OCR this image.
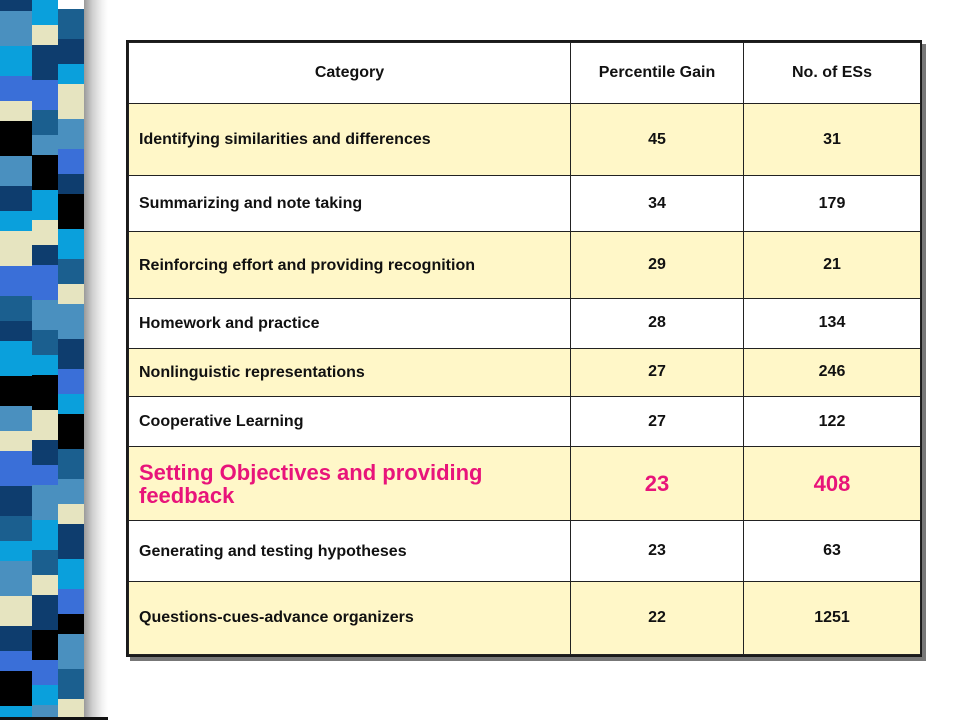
Category	Percentile Gain	No. of ESs
Identifying similarities and differences	45	31
Summarizing and note taking	34	179
Reinforcing effort and providing recognition	29	21
Homework and practice	28	134
Nonlinguistic representations	27	246
Cooperative Learning	27	122
Setting Objectives and providing feedback	23	408
Generating and testing hypotheses	23	63
Questions-cues-advance organizers	22	1251
